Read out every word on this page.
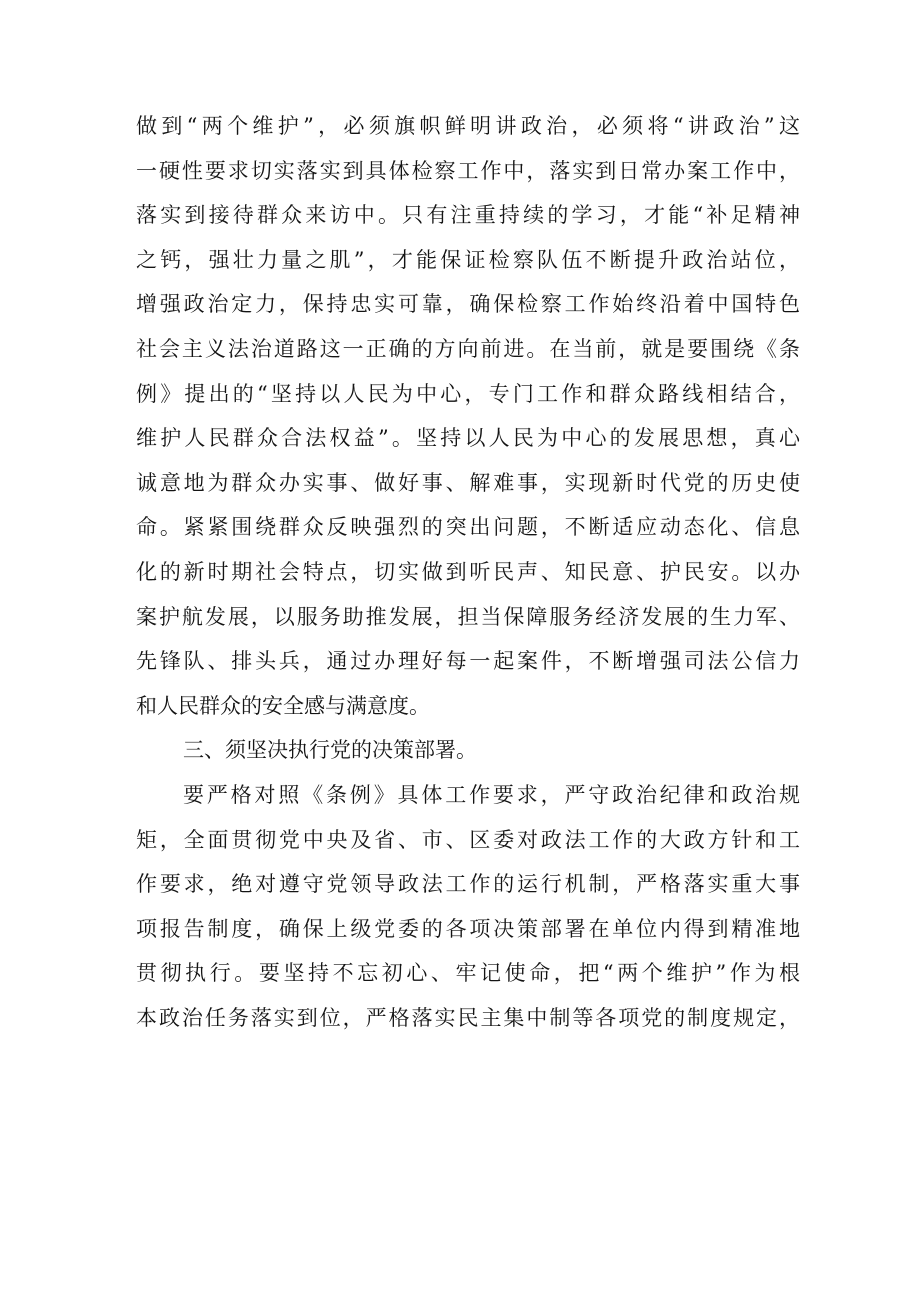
做到“两个维护”，必须旗帜鲜明讲政治，必须将“讲政治”这
一硬性要求切实落实到具体检察工作中，落实到日常办案工作中，
落实到接待群众来访中。只有注重持续的学习，才能“补足精神
之钙，强壮力量之肌”，才能保证检察队伍不断提升政治站位，
增强政治定力，保持忠实可靠，确保检察工作始终沿着中国特色
社会主义法治道路这一正确的方向前进。在当前，就是要围绕《条
例》提出的“坚持以人民为中心，专门工作和群众路线相结合，
维护人民群众合法权益”。坚持以人民为中心的发展思想，真心
诚意地为群众办实事、做好事、解难事，实现新时代党的历史使
命。紧紧围绕群众反映强烈的突出问题，不断适应动态化、信息
化的新时期社会特点，切实做到听民声、知民意、护民安。以办
案护航发展，以服务助推发展，担当保障服务经济发展的生力军、
先锋队、排头兵，通过办理好每一起案件，不断增强司法公信力
和人民群众的安全感与满意度。
三、须坚决执行党的决策部署。
要严格对照《条例》具体工作要求，严守政治纪律和政治规
矩，全面贯彻党中央及省、市、区委对政法工作的大政方针和工
作要求，绝对遵守党领导政法工作的运行机制，严格落实重大事
项报告制度，确保上级党委的各项决策部署在单位内得到精准地
贯彻执行。要坚持不忘初心、牢记使命，把“两个维护”作为根
本政治任务落实到位，严格落实民主集中制等各项党的制度规定，
